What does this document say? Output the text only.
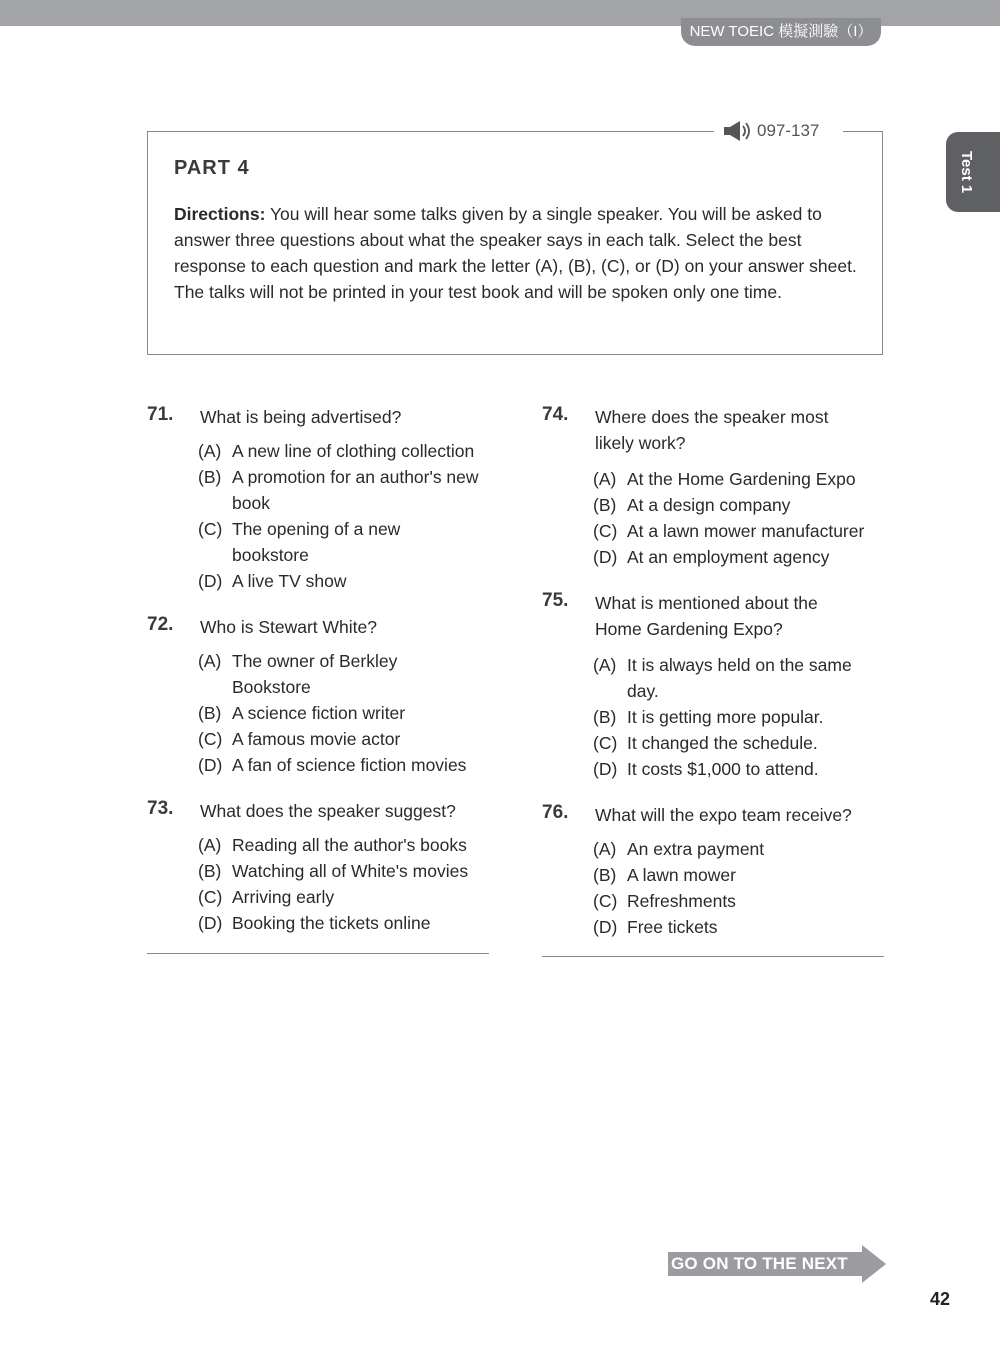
NEW TOEIC 模擬測驗（I）
Test 1
097-137
PART 4
Directions: You will hear some talks given by a single speaker. You will be asked to answer three questions about what the speaker says in each talk. Select the best response to each question and mark the letter (A), (B), (C), or (D) on your answer sheet. The talks will not be printed in your test book and will be spoken only one time.
71. What is being advertised?
(A) A new line of clothing collection
(B) A promotion for an author's new book
(C) The opening of a new bookstore
(D) A live TV show
72. Who is Stewart White?
(A) The owner of Berkley Bookstore
(B) A science fiction writer
(C) A famous movie actor
(D) A fan of science fiction movies
73. What does the speaker suggest?
(A) Reading all the author's books
(B) Watching all of White's movies
(C) Arriving early
(D) Booking the tickets online
74. Where does the speaker most likely work?
(A) At the Home Gardening Expo
(B) At a design company
(C) At a lawn mower manufacturer
(D) At an employment agency
75. What is mentioned about the Home Gardening Expo?
(A) It is always held on the same day.
(B) It is getting more popular.
(C) It changed the schedule.
(D) It costs $1,000 to attend.
76. What will the expo team receive?
(A) An extra payment
(B) A lawn mower
(C) Refreshments
(D) Free tickets
GO ON TO THE NEXT PAGE
42
